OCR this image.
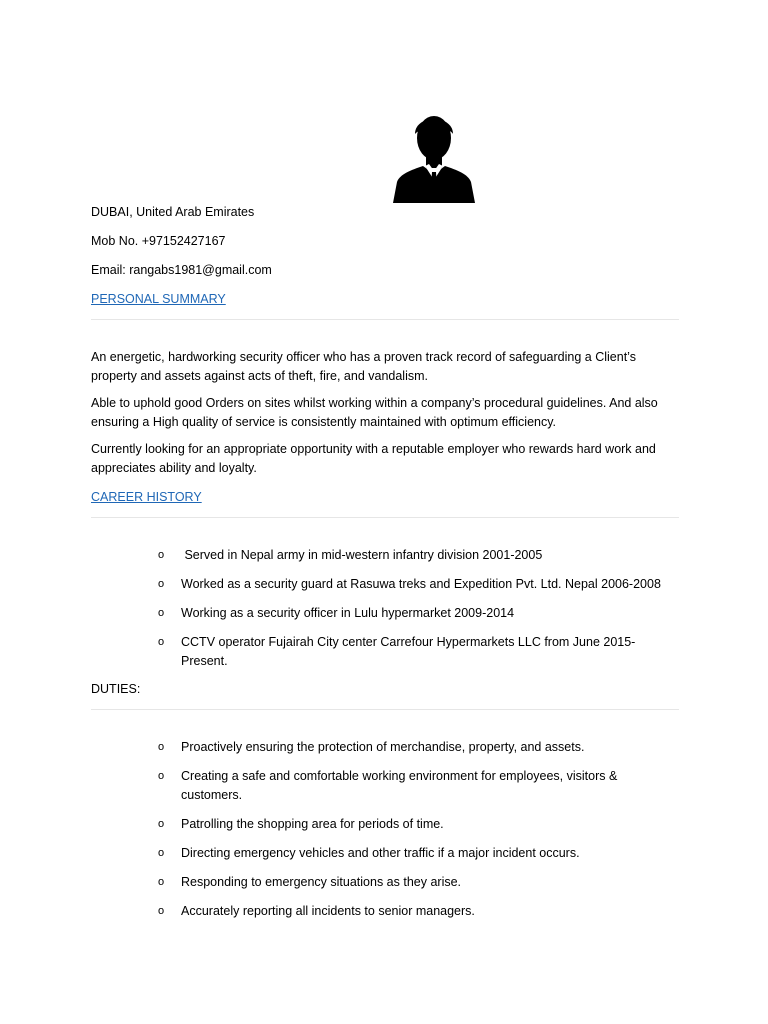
DUBAI, United Arab Emirates

Mob No. +97152427167

Email: rangabs1981@gmail.com

PERSONAL SUMMARY

An energetic, hardworking security officer who has a proven track record of safeguarding a Client’s property and assets against acts of theft, fire, and vandalism.

Able to uphold good Orders on sites whilst working within a company’s procedural guidelines. And also ensuring a High quality of service is consistently maintained with optimum efficiency.

Currently looking for an appropriate opportunity with a reputable employer who rewards hard work and appreciates ability and loyalty.

CAREER HISTORY
o Served in Nepal army in mid-western infantry division 2001-2005
o Worked as a security guard at Rasuwa treks and Expedition Pvt. Ltd. Nepal 2006-2008
o Working as a security officer in Lulu hypermarket 2009-2014
o CCTV operator Fujairah City center Carrefour Hypermarkets LLC from June 2015-Present.
DUTIES:
o Proactively ensuring the protection of merchandise, property, and assets.
o Creating a safe and comfortable working environment for employees, visitors & customers.
o Patrolling the shopping area for periods of time.
o Directing emergency vehicles and other traffic if a major incident occurs.
o Responding to emergency situations as they arise.
o Accurately reporting all incidents to senior managers.
